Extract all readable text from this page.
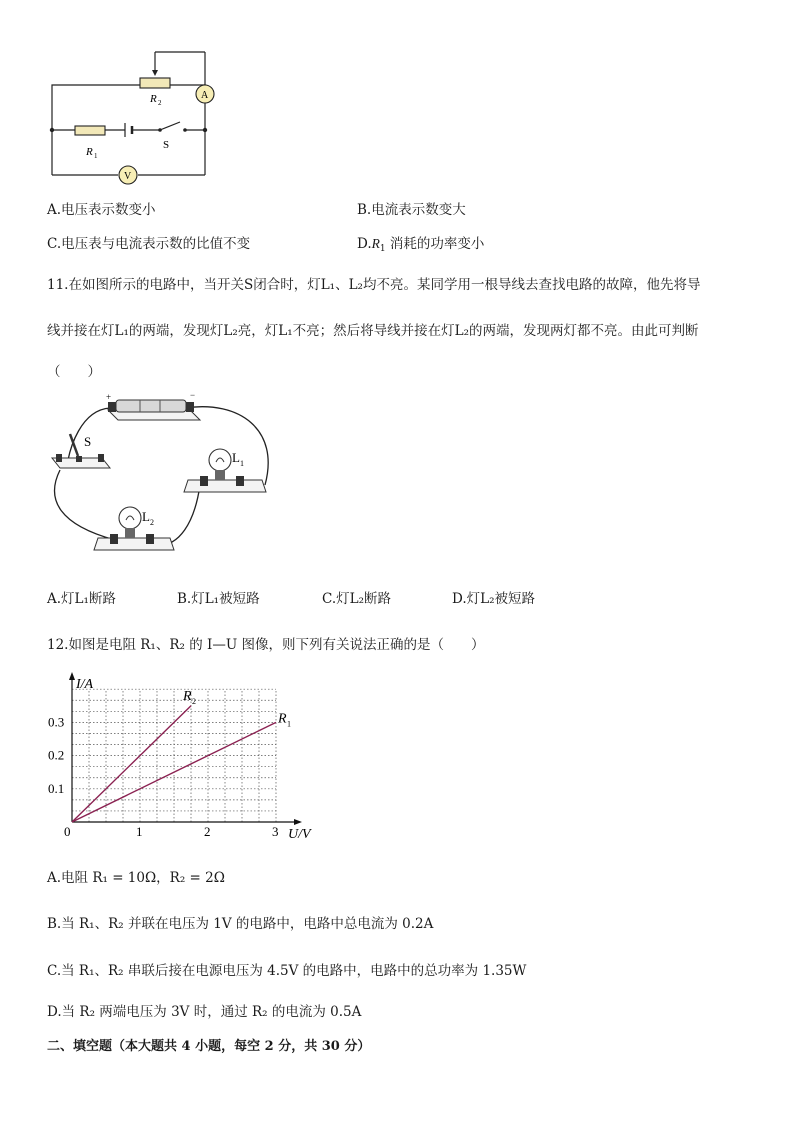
R 2
A
R 1
S
V
A.电压表示数变小	B.电流表示数变大
C.电压表与电流表示数的比值不变	$D.R_1$ 消耗的功率变小
11.在如图所示的电路中，当开关S闭合时，灯L₁、L₂均不亮。某同学用一根导线去查找电路的故障，他先将导
线并接在灯L₁的两端，发现灯L₂亮，灯L₁不亮；然后将导线并接在灯L₂的两端，发现两灯都不亮。由此可判断
（　　）
+	−
S
L 1
L 2
A.灯L₁断路	B.灯L₁被短路	C.灯L₂断路	D.灯L₂被短路
12.如图是电阻 R₁、R₂ 的 I—U 图像，则下列有关说法正确的是（　　）
U/V
I/A
0	1	2	3
0.1
0.2
0.3
R 2
R 1
A.电阻 R₁ = 10Ω，R₂ = 2Ω
B.当 R₁、R₂ 并联在电压为 1V 的电路中，电路中总电流为 0.2A
C.当 R₁、R₂ 串联后接在电源电压为 4.5V 的电路中，电路中的总功率为 1.35W
D.当 R₂ 两端电压为 3V 时，通过 R₂ 的电流为 0.5A
二、填空题（本大题共 4 小题，每空 2 分，共 30 分）
